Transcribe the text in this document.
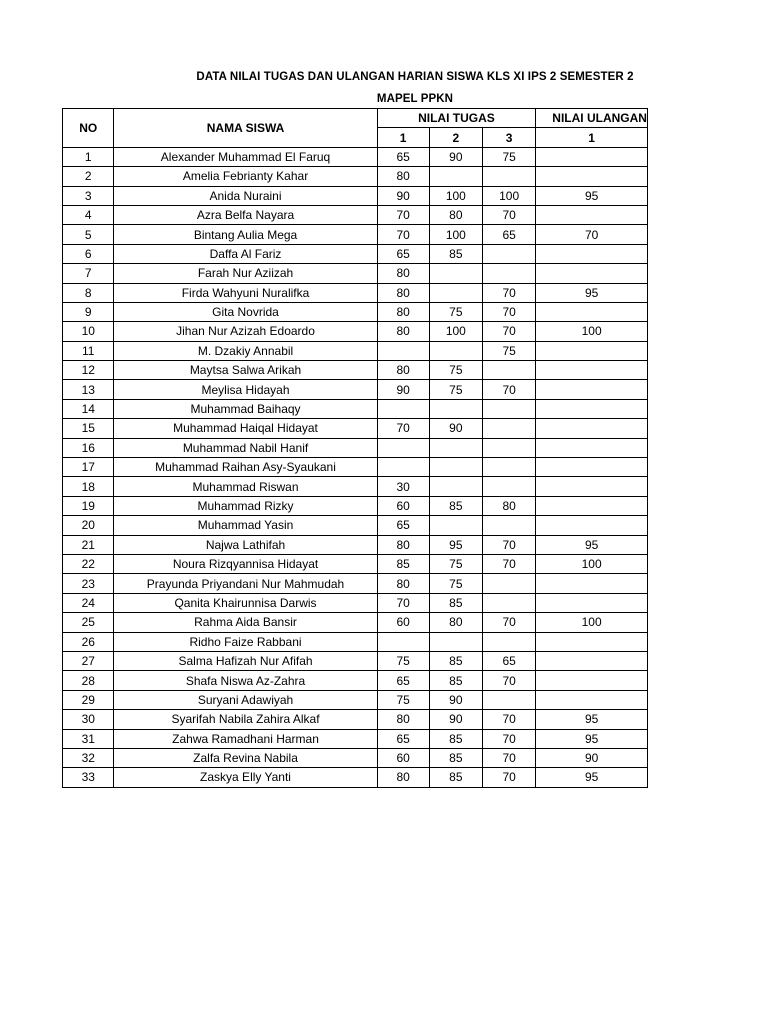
DATA NILAI TUGAS DAN ULANGAN HARIAN SISWA KLS XI IPS 2 SEMESTER 2
MAPEL PPKN
NO	NAMA SISWA	NILAI TUGAS			NILAI ULANGAN
		1	2	3	1
1	Alexander Muhammad El Faruq	65	90	75	
2	Amelia Febrianty Kahar	80			
3	Anida Nuraini	90	100	100	95
4	Azra Belfa Nayara	70	80	70	
5	Bintang Aulia Mega	70	100	65	70
6	Daffa Al Fariz	65	85		
7	Farah Nur Aziizah	80			
8	Firda Wahyuni Nuralifka	80		70	95
9	Gita Novrida	80	75	70	
10	Jihan Nur Azizah Edoardo	80	100	70	100
11	M. Dzakiy Annabil			75	
12	Maytsa Salwa Arikah	80	75		
13	Meylisa Hidayah	90	75	70	
14	Muhammad Baihaqy				
15	Muhammad Haiqal Hidayat	70	90		
16	Muhammad Nabil Hanif				
17	Muhammad Raihan Asy-Syaukani				
18	Muhammad Riswan	30			
19	Muhammad Rizky	60	85	80	
20	Muhammad Yasin	65			
21	Najwa Lathifah	80	95	70	95
22	Noura Rizqyannisa Hidayat	85	75	70	100
23	Prayunda Priyandani Nur Mahmudah	80	75		
24	Qanita Khairunnisa Darwis	70	85		
25	Rahma Aida Bansir	60	80	70	100
26	Ridho Faize Rabbani				
27	Salma Hafizah Nur Afifah	75	85	65	
28	Shafa Niswa Az-Zahra	65	85	70	
29	Suryani Adawiyah	75	90		
30	Syarifah Nabila Zahira Alkaf	80	90	70	95
31	Zahwa Ramadhani Harman	65	85	70	95
32	Zalfa Revina Nabila	60	85	70	90
33	Zaskya Elly Yanti	80	85	70	95
